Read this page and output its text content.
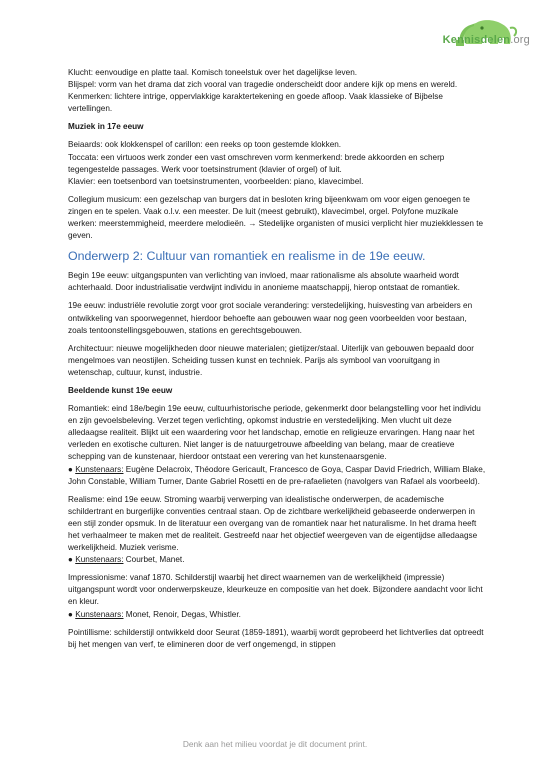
Kennisdelen.org

Klucht: eenvoudige en platte taal. Komisch toneelstuk over het dagelijkse leven.

Blijspel: vorm van het drama dat zich vooral van tragedie onderscheidt door andere kijk op mens en wereld. Kenmerken: lichtere intrige, oppervlakkige karaktertekening en goede afloop. Vaak klassieke of Bijbelse vertellingen.

Muziek in 17e eeuw

Beiaards: ook klokkenspel of carillon: een reeks op toon gestemde klokken.

Toccata: een virtuoos werk zonder een vast omschreven vorm kenmerkend: brede akkoorden en scherp tegengestelde passages. Werk voor toetsinstrument (klavier of orgel) of luit.

Klavier: een toetsenbord van toetsinstrumenten, voorbeelden: piano, klavecimbel.

Collegium musicum: een gezelschap van burgers dat in besloten kring bijeenkwam om voor eigen genoegen te zingen en te spelen. Vaak o.l.v. een meester. De luit (meest gebruikt), klavecimbel, orgel. Polyfone muzikale werken: meerstemmigheid, meerdere melodieën. → Stedelijke organisten of musici verplicht hier muziekklessen te geven.

Onderwerp 2: Cultuur van romantiek en realisme in de 19e eeuw.

Begin 19e eeuw: uitgangspunten van verlichting van invloed, maar rationalisme als absolute waarheid wordt achterhaald. Door industrialisatie verdwijnt individu in anonieme maatschappij, hierop ontstaat de romantiek.

19e eeuw: industriële revolutie zorgt voor grot sociale verandering: verstedelijking, huisvesting van arbeiders en ontwikkeling van spoorwegennet, hierdoor behoefte aan gebouwen waar nog geen voorbeelden voor bestaan, zoals tentoonstellingsgebouwen, stations en gerechtsgebouwen.

Architectuur: nieuwe mogelijkheden door nieuwe materialen; gietijzer/staal. Uiterlijk van gebouwen bepaald door mengelmoes van neostijlen. Scheiding tussen kunst en techniek. Parijs als symbool van vooruitgang in wetenschap, cultuur, kunst, industrie.

Beeldende kunst 19e eeuw

Romantiek: eind 18e/begin 19e eeuw, cultuurhistorische periode, gekenmerkt door belangstelling voor het individu en zijn gevoelsbeleving. Verzet tegen verlichting, opkomst industrie en verstedelijking. Men vlucht uit deze alledaagse realiteit. Blijkt uit een waardering voor het landschap, emotie en religieuze ervaringen. Hang naar het verleden en exotische culturen. Niet langer is de natuurgetrouwe afbeelding van belang, maar de creatieve schepping van de kunstenaar, hierdoor ontstaat een verering van het kunstenaarsgenie.

● Kunstenaars: Eugène Delacroix, Théodore Gericault, Francesco de Goya, Caspar David Friedrich, William Blake, John Constable, William Turner, Dante Gabriel Rosetti en de pre-rafaelieten (navolgers van Rafael als voorbeeld).

Realisme: eind 19e eeuw. Stroming waarbij verwerping van idealistische onderwerpen, de academische schildertrant en burgerlijke conventies centraal staan. Op de zichtbare werkelijkheid gebaseerde onderwerpen in een stijl zonder opsmuk. In de literatuur een overgang van de romantiek naar het naturalisme. In het drama heeft het verhaalmeer te maken met de realiteit. Gestreefd naar het objectief weergeven van de eigentijdse alledaagse werkelijkheid. Muziek verisme.

● Kunstenaars: Courbet, Manet.

Impressionisme: vanaf 1870. Schilderstijl waarbij het direct waarnemen van de werkelijkheid (impressie) uitgangspunt wordt voor onderwerpskeuze, kleurkeuze en compositie van het doek. Bijzondere aandacht voor licht en kleur.

● Kunstenaars: Monet, Renoir, Degas, Whistler.

Pointillisme: schilderstijl ontwikkeld door Seurat (1859-1891), waarbij wordt geprobeerd het lichtverlies dat optreedt bij het mengen van verf, te elimineren door de verf ongemengd, in stippen

Denk aan het milieu voordat je dit document print.
